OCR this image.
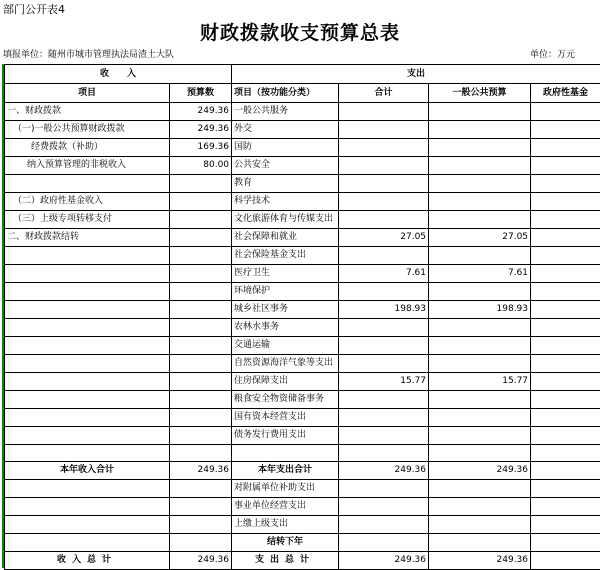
部门公开表4
财政拨款收支预算总表
填报单位：随州市城市管理执法局渣土大队	单位：万元
收　　入		支出			
项目	预算数	项目（按功能分类）	合计	一般公共预算	政府性基金
一、财政拨款	249.36	一般公共服务			
（一)一般公共预算财政拨款	249.36	外交			
经费拨款（补助）	169.36	国防			
纳入预算管理的非税收入	80.00	公共安全			
		教育			
（二）政府性基金收入		科学技术			
（三）上级专项转移支付		文化旅游体育与传媒支出			
二、财政拨款结转		社会保障和就业	27.05	27.05	
		社会保险基金支出			
		医疗卫生	7.61	7.61	
		环境保护			
		城乡社区事务	198.93	198.93	
		农林水事务			
		交通运输			
		自然资源海洋气象等支出			
		住房保障支出	15.77	15.77	
		粮食安全物资储备事务			
		国有资本经营支出			
		债务发行费用支出			

本年收入合计	249.36	本年支出合计	249.36	249.36	
		对附属单位补助支出			
		事业单位经营支出			
		上缴上级支出			
		结转下年			
收入总计	249.36	支出总计	249.36	249.36	
